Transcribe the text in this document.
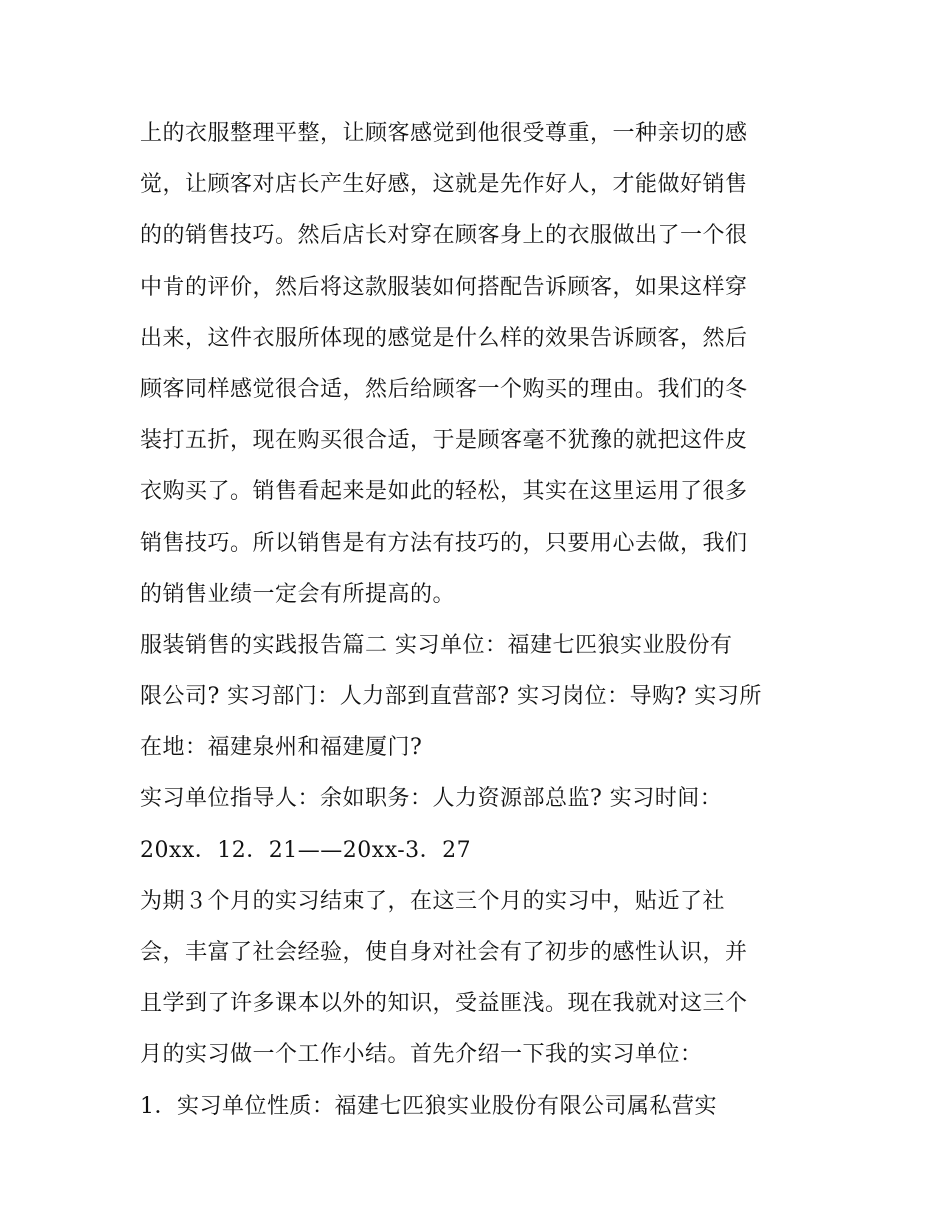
上的衣服整理平整，让顾客感觉到他很受尊重，一种亲切的感
觉，让顾客对店长产生好感，这就是先作好人，才能做好销售
的的销售技巧。然后店长对穿在顾客身上的衣服做出了一个很
中肯的评价，然后将这款服装如何搭配告诉顾客，如果这样穿
出来，这件衣服所体现的感觉是什么样的效果告诉顾客，然后
顾客同样感觉很合适，然后给顾客一个购买的理由。我们的冬
装打五折，现在购买很合适，于是顾客毫不犹豫的就把这件皮
衣购买了。销售看起来是如此的轻松，其实在这里运用了很多
销售技巧。所以销售是有方法有技巧的，只要用心去做，我们
的销售业绩一定会有所提高的。
服装销售的实践报告篇二 实习单位：福建七匹狼实业股份有
限公司? 实习部门：人力部到直营部? 实习岗位：导购? 实习所
在地：福建泉州和福建厦门?
实习单位指导人：余如职务：人力资源部总监? 实习时间：
20xx．12．21——20xx-3．27
为期３个月的实习结束了，在这三个月的实习中，贴近了社
会，丰富了社会经验，使自身对社会有了初步的感性认识，并
且学到了许多课本以外的知识，受益匪浅。现在我就对这三个
月的实习做一个工作小结。首先介绍一下我的实习单位：
1．实习单位性质：福建七匹狼实业股份有限公司属私营实
